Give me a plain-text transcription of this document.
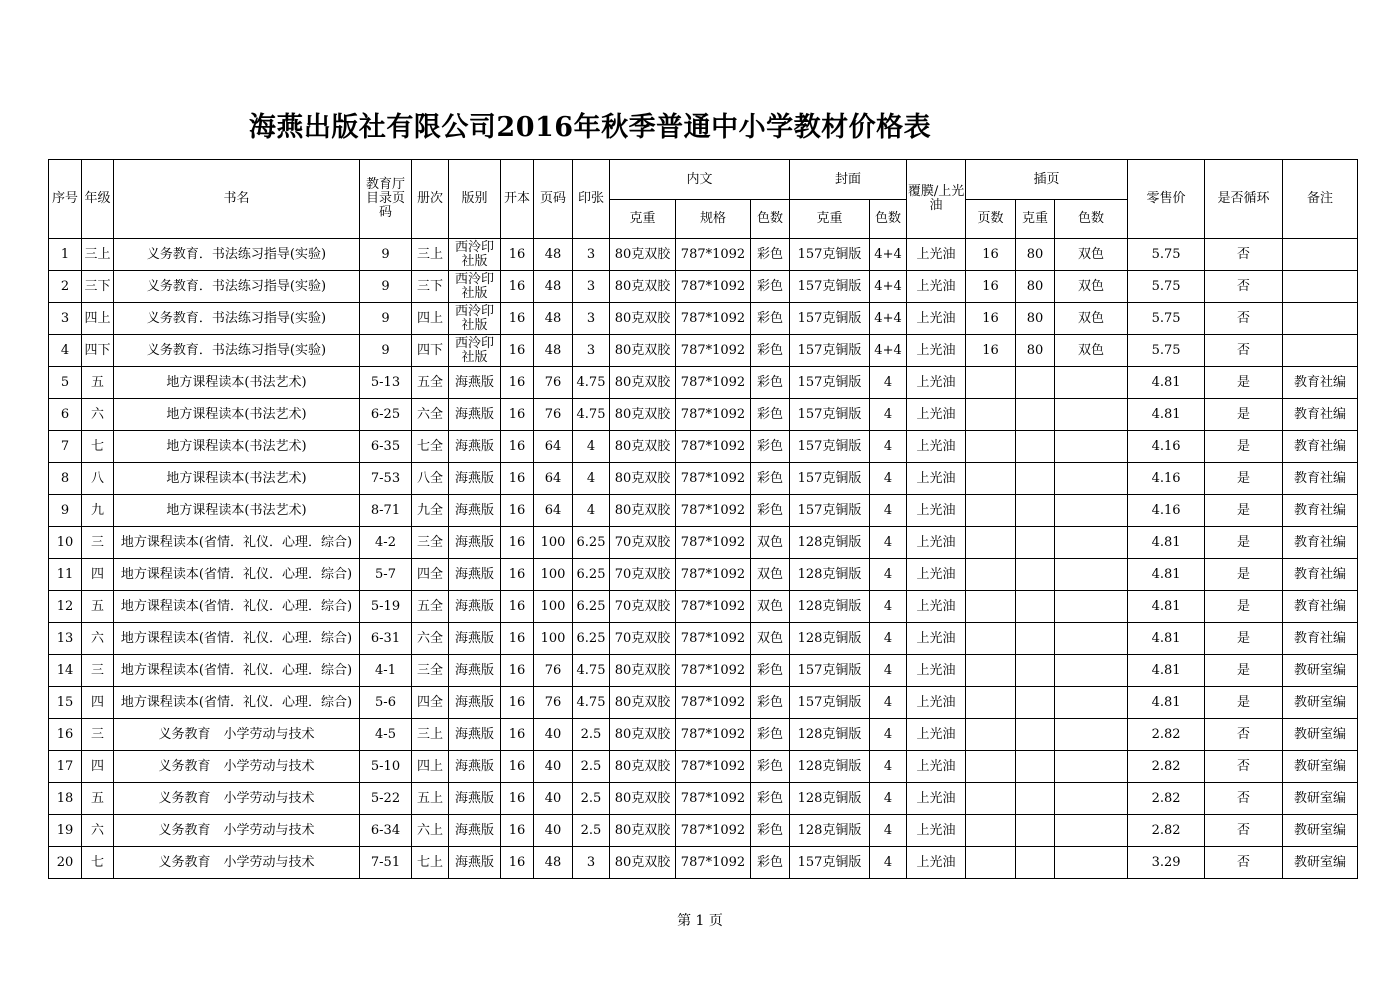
海燕出版社有限公司2016年秋季普通中小学教材价格表
序号	年级	书名	教育厅目录页码	册次	版别	开本	页码	印张	内文			封面		覆膜/上光油	插页			零售价	是否循环	备注
									克重	规格	色数	克重	色数		页数	克重	色数			
1	三上	义务教育．书法练习指导(实验)	9	三上	西泠印社版	16	48	3	80克双胶	787*1092	彩色	157克铜版	4+4	上光油	16	80	双色	5.75	否	
2	三下	义务教育．书法练习指导(实验)	9	三下	西泠印社版	16	48	3	80克双胶	787*1092	彩色	157克铜版	4+4	上光油	16	80	双色	5.75	否	
3	四上	义务教育．书法练习指导(实验)	9	四上	西泠印社版	16	48	3	80克双胶	787*1092	彩色	157克铜版	4+4	上光油	16	80	双色	5.75	否	
4	四下	义务教育．书法练习指导(实验)	9	四下	西泠印社版	16	48	3	80克双胶	787*1092	彩色	157克铜版	4+4	上光油	16	80	双色	5.75	否	
5	五	地方课程读本(书法艺术)	5-13	五全	海燕版	16	76	4.75	80克双胶	787*1092	彩色	157克铜版	4	上光油				4.81	是	教育社编
6	六	地方课程读本(书法艺术)	6-25	六全	海燕版	16	76	4.75	80克双胶	787*1092	彩色	157克铜版	4	上光油				4.81	是	教育社编
7	七	地方课程读本(书法艺术)	6-35	七全	海燕版	16	64	4	80克双胶	787*1092	彩色	157克铜版	4	上光油				4.16	是	教育社编
8	八	地方课程读本(书法艺术)	7-53	八全	海燕版	16	64	4	80克双胶	787*1092	彩色	157克铜版	4	上光油				4.16	是	教育社编
9	九	地方课程读本(书法艺术)	8-71	九全	海燕版	16	64	4	80克双胶	787*1092	彩色	157克铜版	4	上光油				4.16	是	教育社编
10	三	地方课程读本(省情．礼仪．心理．综合)	4-2	三全	海燕版	16	100	6.25	70克双胶	787*1092	双色	128克铜版	4	上光油				4.81	是	教育社编
11	四	地方课程读本(省情．礼仪．心理．综合)	5-7	四全	海燕版	16	100	6.25	70克双胶	787*1092	双色	128克铜版	4	上光油				4.81	是	教育社编
12	五	地方课程读本(省情．礼仪．心理．综合)	5-19	五全	海燕版	16	100	6.25	70克双胶	787*1092	双色	128克铜版	4	上光油				4.81	是	教育社编
13	六	地方课程读本(省情．礼仪．心理．综合)	6-31	六全	海燕版	16	100	6.25	70克双胶	787*1092	双色	128克铜版	4	上光油				4.81	是	教育社编
14	三	地方课程读本(省情．礼仪．心理．综合)	4-1	三全	海燕版	16	76	4.75	80克双胶	787*1092	彩色	157克铜版	4	上光油				4.81	是	教研室编
15	四	地方课程读本(省情．礼仪．心理．综合)	5-6	四全	海燕版	16	76	4.75	80克双胶	787*1092	彩色	157克铜版	4	上光油				4.81	是	教研室编
16	三	义务教育　小学劳动与技术	4-5	三上	海燕版	16	40	2.5	80克双胶	787*1092	彩色	128克铜版	4	上光油				2.82	否	教研室编
17	四	义务教育　小学劳动与技术	5-10	四上	海燕版	16	40	2.5	80克双胶	787*1092	彩色	128克铜版	4	上光油				2.82	否	教研室编
18	五	义务教育　小学劳动与技术	5-22	五上	海燕版	16	40	2.5	80克双胶	787*1092	彩色	128克铜版	4	上光油				2.82	否	教研室编
19	六	义务教育　小学劳动与技术	6-34	六上	海燕版	16	40	2.5	80克双胶	787*1092	彩色	128克铜版	4	上光油				2.82	否	教研室编
20	七	义务教育　小学劳动与技术	7-51	七上	海燕版	16	48	3	80克双胶	787*1092	彩色	157克铜版	4	上光油				3.29	否	教研室编
第 1 页
